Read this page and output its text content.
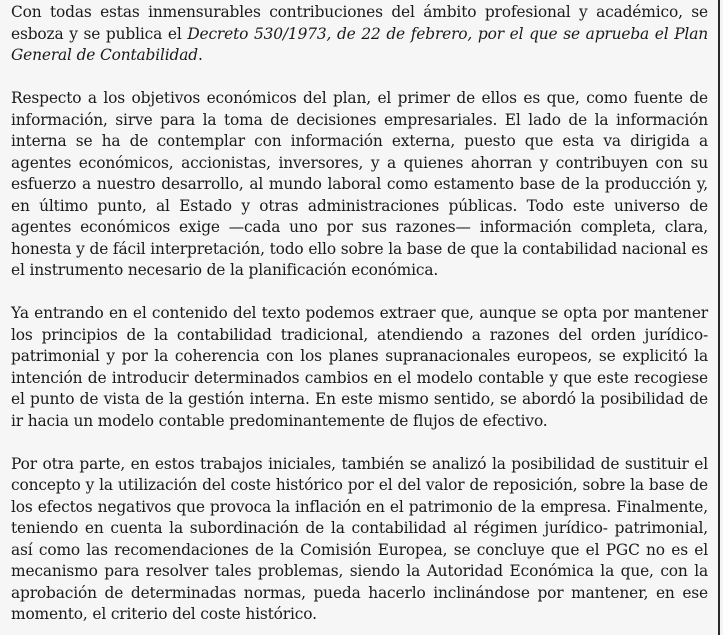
Con todas estas inmensurables contribuciones del ámbito profesional y académico, se esboza y se publica el Decreto 530/1973, de 22 de febrero, por el que se aprueba el Plan General de Contabilidad.

Respecto a los objetivos económicos del plan, el primer de ellos es que, como fuente de información, sirve para la toma de decisiones empresariales. El lado de la información interna se ha de contemplar con información externa, puesto que esta va dirigida a agentes económicos, accionistas, inversores, y a quienes ahorran y contribuyen con su esfuerzo a nuestro desarrollo, al mundo laboral como estamento base de la producción y, en último punto, al Estado y otras administraciones públicas. Todo este universo de agentes económicos exige —cada uno por sus razones— información completa, clara, honesta y de fácil interpretación, todo ello sobre la base de que la contabilidad nacional es el instrumento necesario de la planificación económica.

Ya entrando en el contenido del texto podemos extraer que, aunque se opta por mantener los principios de la contabilidad tradicional, atendiendo a razones del orden jurídico-patrimonial y por la coherencia con los planes supranacionales europeos, se explicitó la intención de introducir determinados cambios en el modelo contable y que este recogiese el punto de vista de la gestión interna. En este mismo sentido, se abordó la posibilidad de ir hacia un modelo contable predominantemente de flujos de efectivo.

Por otra parte, en estos trabajos iniciales, también se analizó la posibilidad de sustituir el concepto y la utilización del coste histórico por el del valor de reposición, sobre la base de los efectos negativos que provoca la inflación en el patrimonio de la empresa. Finalmente, teniendo en cuenta la subordinación de la contabilidad al régimen jurídico- patrimonial, así como las recomendaciones de la Comisión Europea, se concluye que el PGC no es el mecanismo para resolver tales problemas, siendo la Autoridad Económica la que, con la aprobación de determinadas normas, pueda hacerlo inclinándose por mantener, en ese momento, el criterio del coste histórico.
